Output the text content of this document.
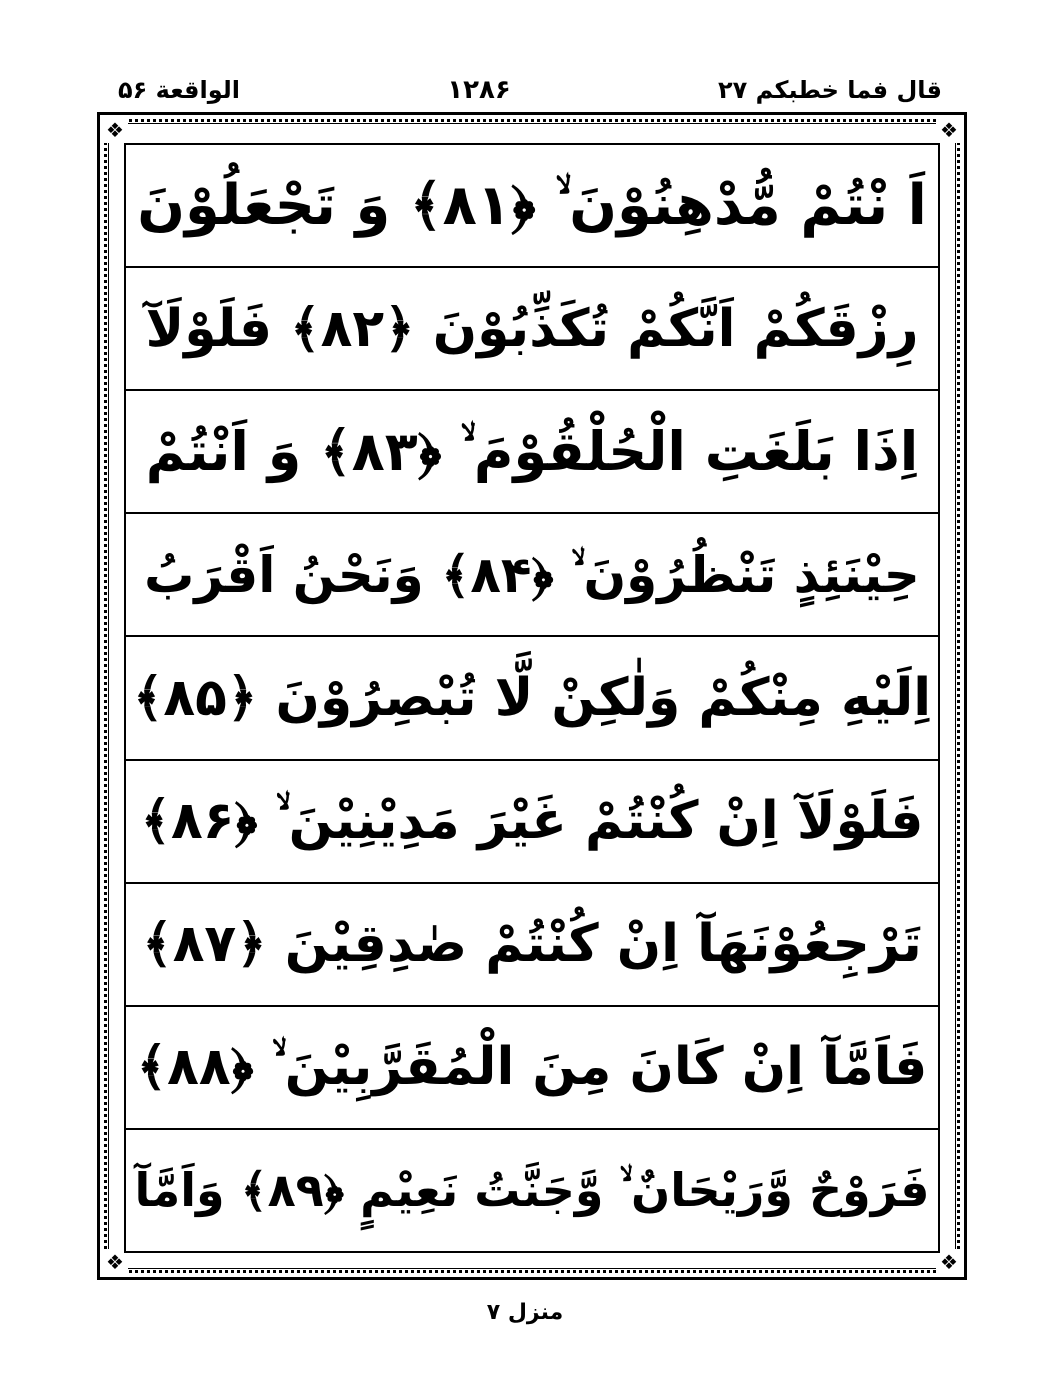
قال فما خطبکم ۲۷
۱۲۸۶
الواقعة ۵۶
❖	❖
❖	❖
اَ نْتُمْ مُّدْهِنُوْنَ ۙ ﴿۸۱﴾ وَ تَجْعَلُوْنَ
رِزْقَكُمْ اَنَّكُمْ تُكَذِّبُوْنَ ﴿۸۲﴾ فَلَوْلَآ
اِذَا بَلَغَتِ الْحُلْقُوْمَ ۙ ﴿۸۳﴾ وَ اَنْتُمْ
حِيْنَئِذٍ تَنْظُرُوْنَ ۙ ﴿۸۴﴾ وَنَحْنُ اَقْرَبُ
اِلَيْهِ مِنْكُمْ وَلٰكِنْ لَّا تُبْصِرُوْنَ ﴿۸۵﴾
فَلَوْلَآ اِنْ كُنْتُمْ غَيْرَ مَدِيْنِيْنَ ۙ ﴿۸۶﴾
تَرْجِعُوْنَهَآ اِنْ كُنْتُمْ صٰدِقِيْنَ ﴿۸۷﴾
فَاَمَّآ اِنْ كَانَ مِنَ الْمُقَرَّبِيْنَ ۙ ﴿۸۸﴾
فَرَوْحٌ وَّرَيْحَانٌ ۙ وَّجَنَّتُ نَعِيْمٍ ﴿۸۹﴾ وَاَمَّآ
منزل ۷
